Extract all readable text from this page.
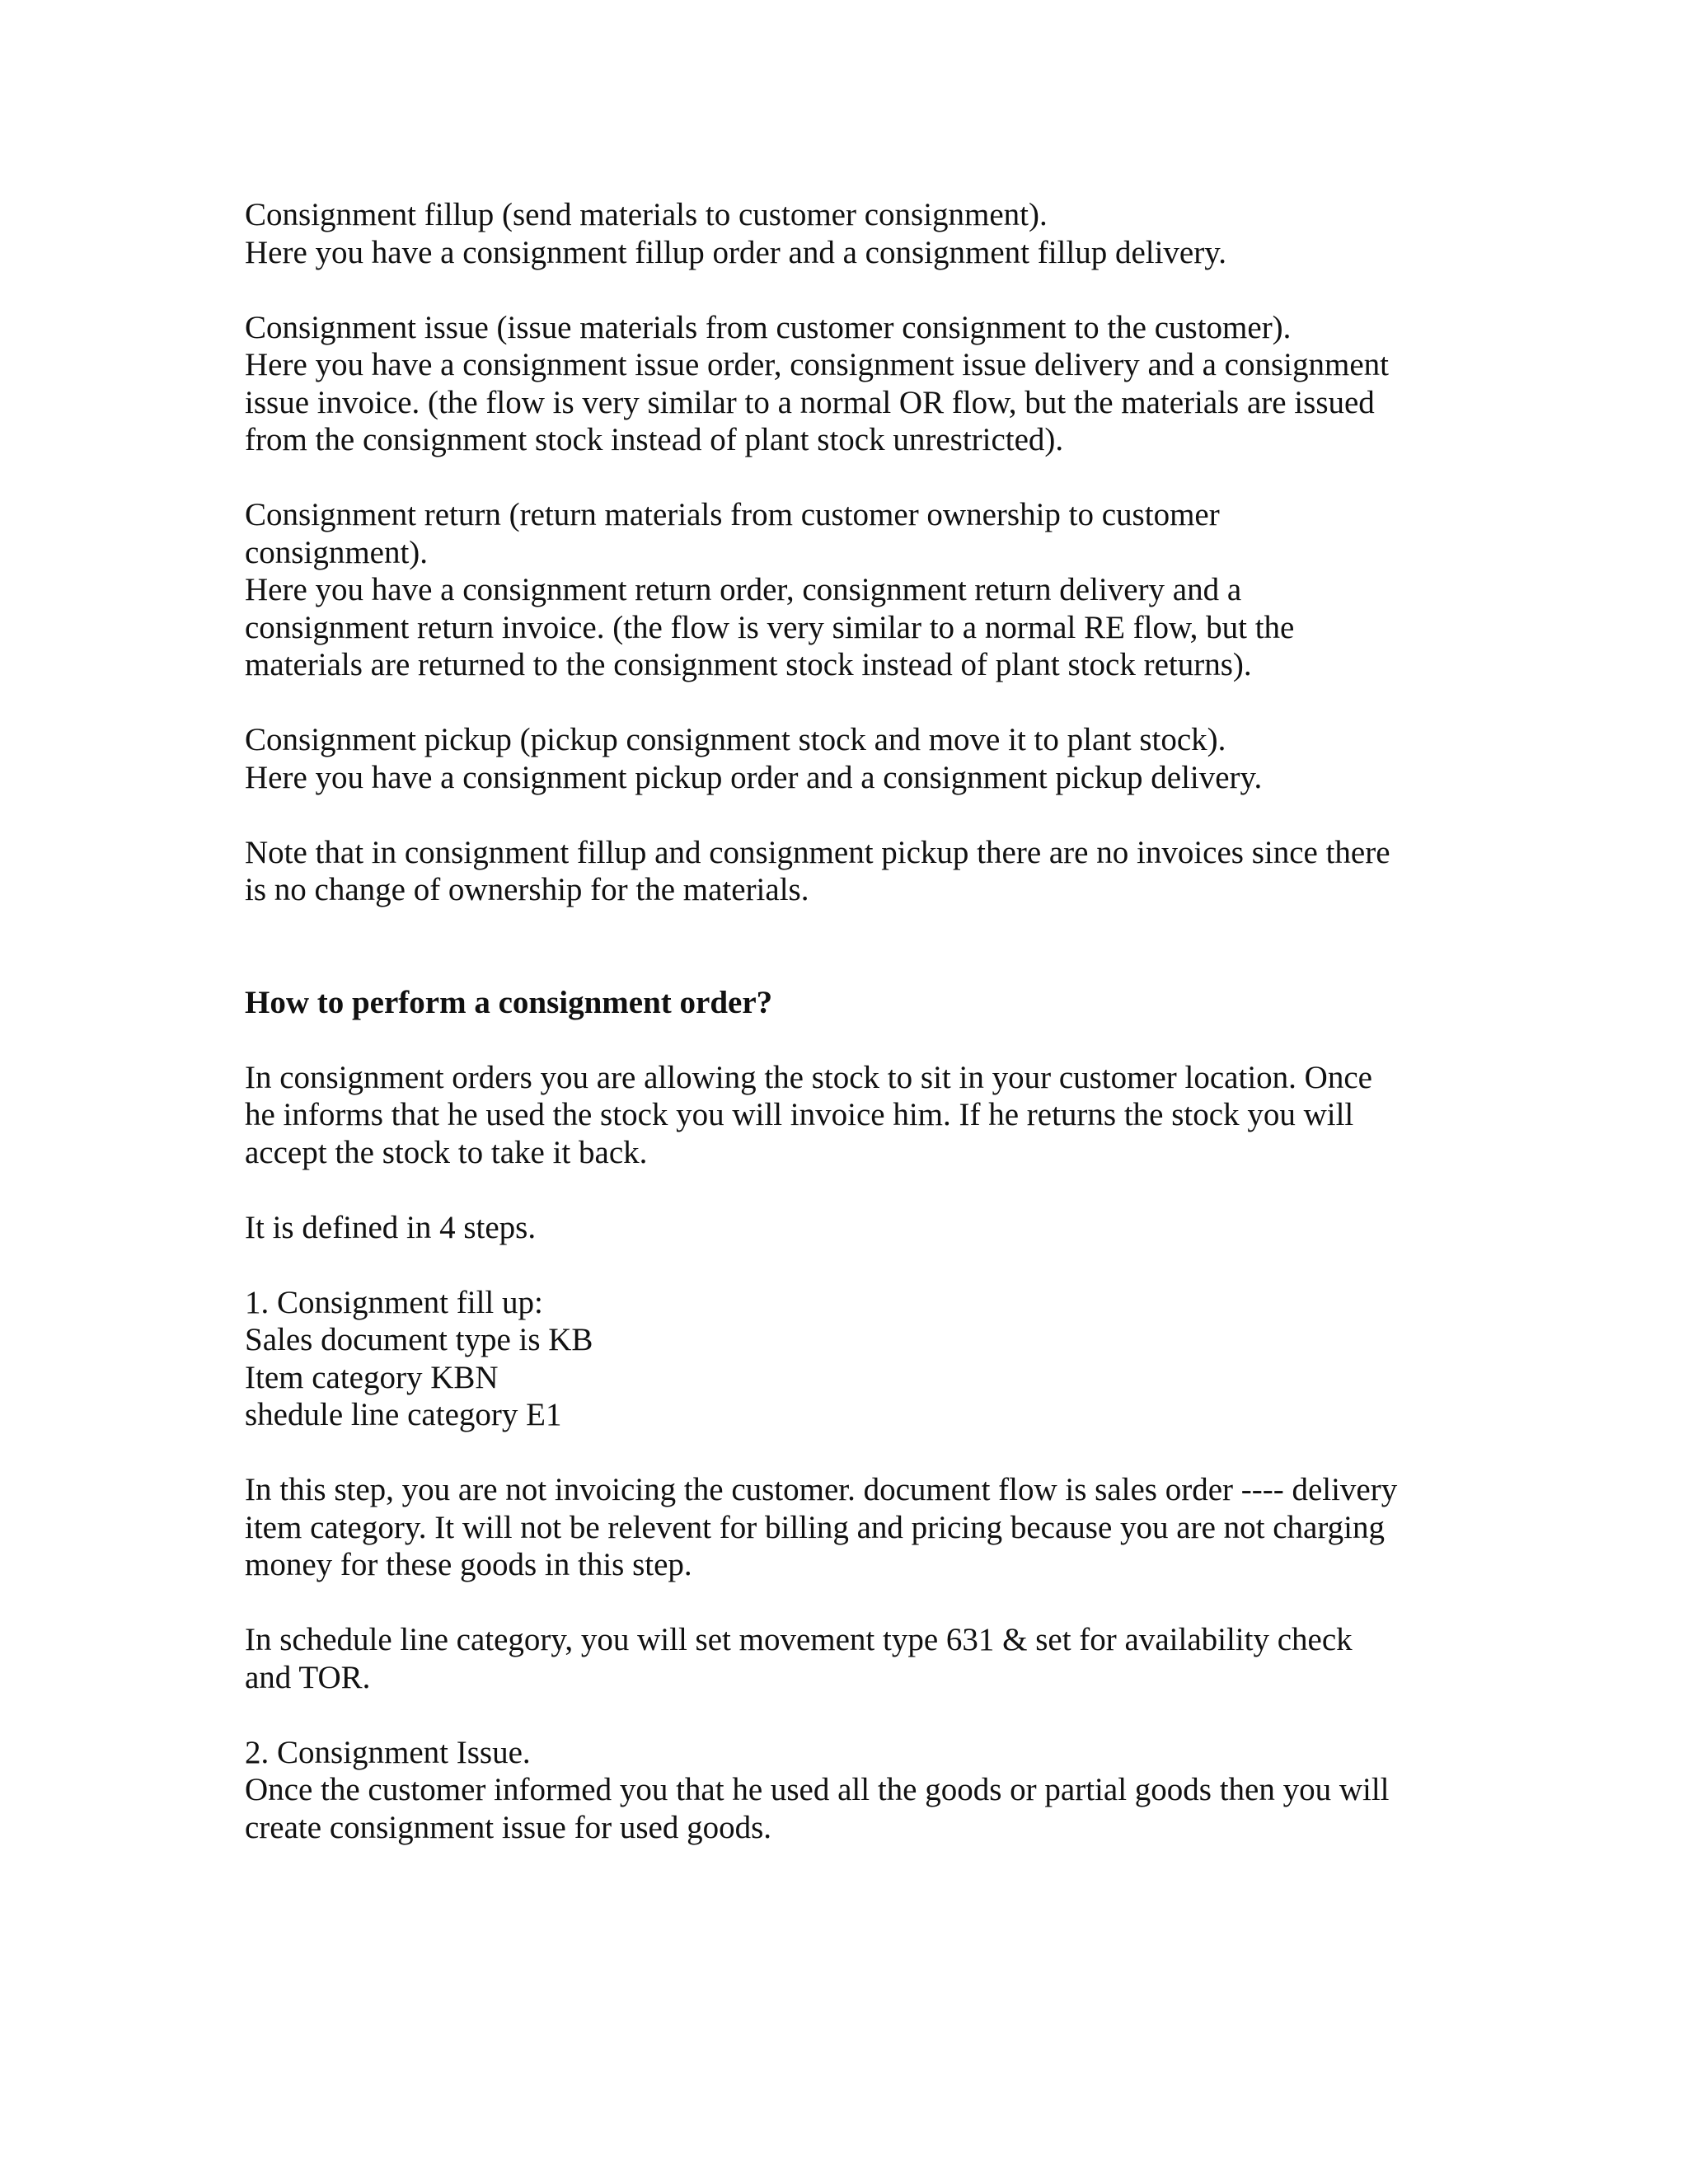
Consignment fillup (send materials to customer consignment).
Here you have a consignment fillup order and a consignment fillup delivery.
Consignment issue (issue materials from customer consignment to the customer).
Here you have a consignment issue order, consignment issue delivery and a consignment
issue invoice. (the flow is very similar to a normal OR flow, but the materials are issued
from the consignment stock instead of plant stock unrestricted).
Consignment return (return materials from customer ownership to customer
consignment).
Here you have a consignment return order, consignment return delivery and a
consignment return invoice. (the flow is very similar to a normal RE flow, but the
materials are returned to the consignment stock instead of plant stock returns).
Consignment pickup (pickup consignment stock and move it to plant stock).
Here you have a consignment pickup order and a consignment pickup delivery.
Note that in consignment fillup and consignment pickup there are no invoices since there
is no change of ownership for the materials.
How to perform a consignment order?
In consignment orders you are allowing the stock to sit in your customer location. Once
he informs that he used the stock you will invoice him. If he returns the stock you will
accept the stock to take it back.
It is defined in 4 steps.
1. Consignment fill up:
Sales document type is KB
Item category KBN
shedule line category E1
In this step, you are not invoicing the customer. document flow is sales order ---- delivery
item category. It will not be relevent for billing and pricing because you are not charging
money for these goods in this step.
In schedule line category, you will set movement type 631 & set for availability check
and TOR.
2. Consignment Issue.
Once the customer informed you that he used all the goods or partial goods then you will
create consignment issue for used goods.
